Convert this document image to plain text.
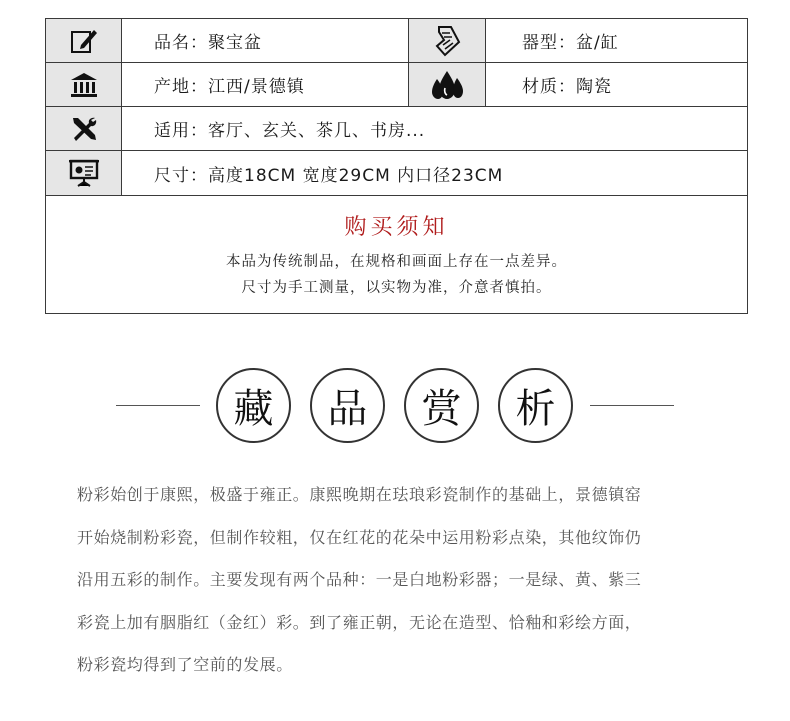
品名：聚宝盆	器型：盆/缸
产地：江西/景德镇	材质：陶瓷
适用：客厅、玄关、茶几、书房...
尺寸：高度18CM 宽度29CM 内口径23CM
购买须知
本品为传统制品，在规格和画面上存在一点差异。
尺寸为手工测量，以实物为准，介意者慎拍。
藏	品	赏	析
粉彩始创于康熙，极盛于雍正。康熙晚期在珐琅彩瓷制作的基础上，景德镇窑
开始烧制粉彩瓷，但制作较粗，仅在红花的花朵中运用粉彩点染，其他纹饰仍
沿用五彩的制作。主要发现有两个品种：一是白地粉彩器；一是绿、黄、紫三
彩瓷上加有胭脂红（金红）彩。到了雍正朝，无论在造型、恰釉和彩绘方面，
粉彩瓷均得到了空前的发展。
